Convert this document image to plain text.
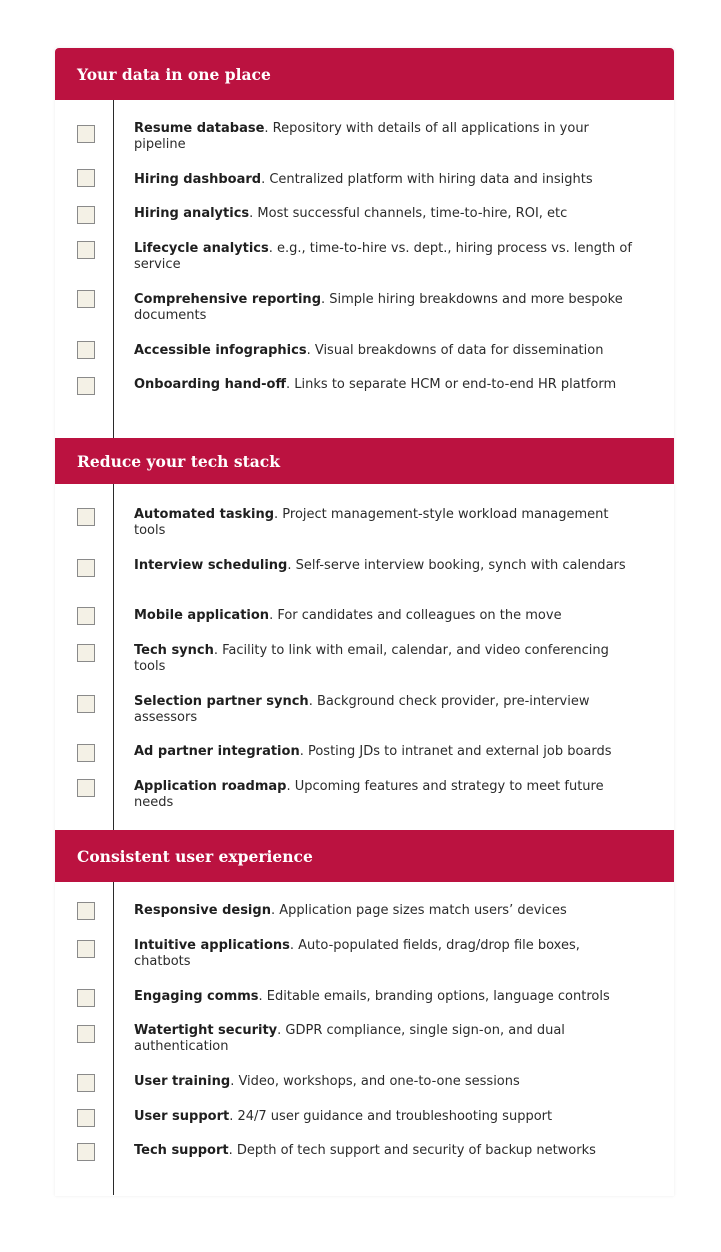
Your data in one place
Resume database. Repository with details of all applications in your pipeline
Hiring dashboard. Centralized platform with hiring data and insights
Hiring analytics. Most successful channels, time-to-hire, ROI, etc
Lifecycle analytics. e.g., time-to-hire vs. dept., hiring process vs. length of service
Comprehensive reporting. Simple hiring breakdowns and more bespoke documents
Accessible infographics. Visual breakdowns of data for dissemination
Onboarding hand-off. Links to separate HCM or end-to-end HR platform
Reduce your tech stack
Automated tasking. Project management-style workload management tools
Interview scheduling. Self-serve interview booking, synch with calendars
Mobile application. For candidates and colleagues on the move
Tech synch. Facility to link with email, calendar, and video conferencing tools
Selection partner synch. Background check provider, pre-interview assessors
Ad partner integration. Posting JDs to intranet and external job boards
Application roadmap. Upcoming features and strategy to meet future needs
Consistent user experience
Responsive design. Application page sizes match users’ devices
Intuitive applications. Auto-populated fields, drag/drop file boxes, chatbots
Engaging comms. Editable emails, branding options, language controls
Watertight security. GDPR compliance, single sign-on, and dual authentication
User training. Video, workshops, and one-to-one sessions
User support. 24/7 user guidance and troubleshooting support
Tech support. Depth of tech support and security of backup networks
